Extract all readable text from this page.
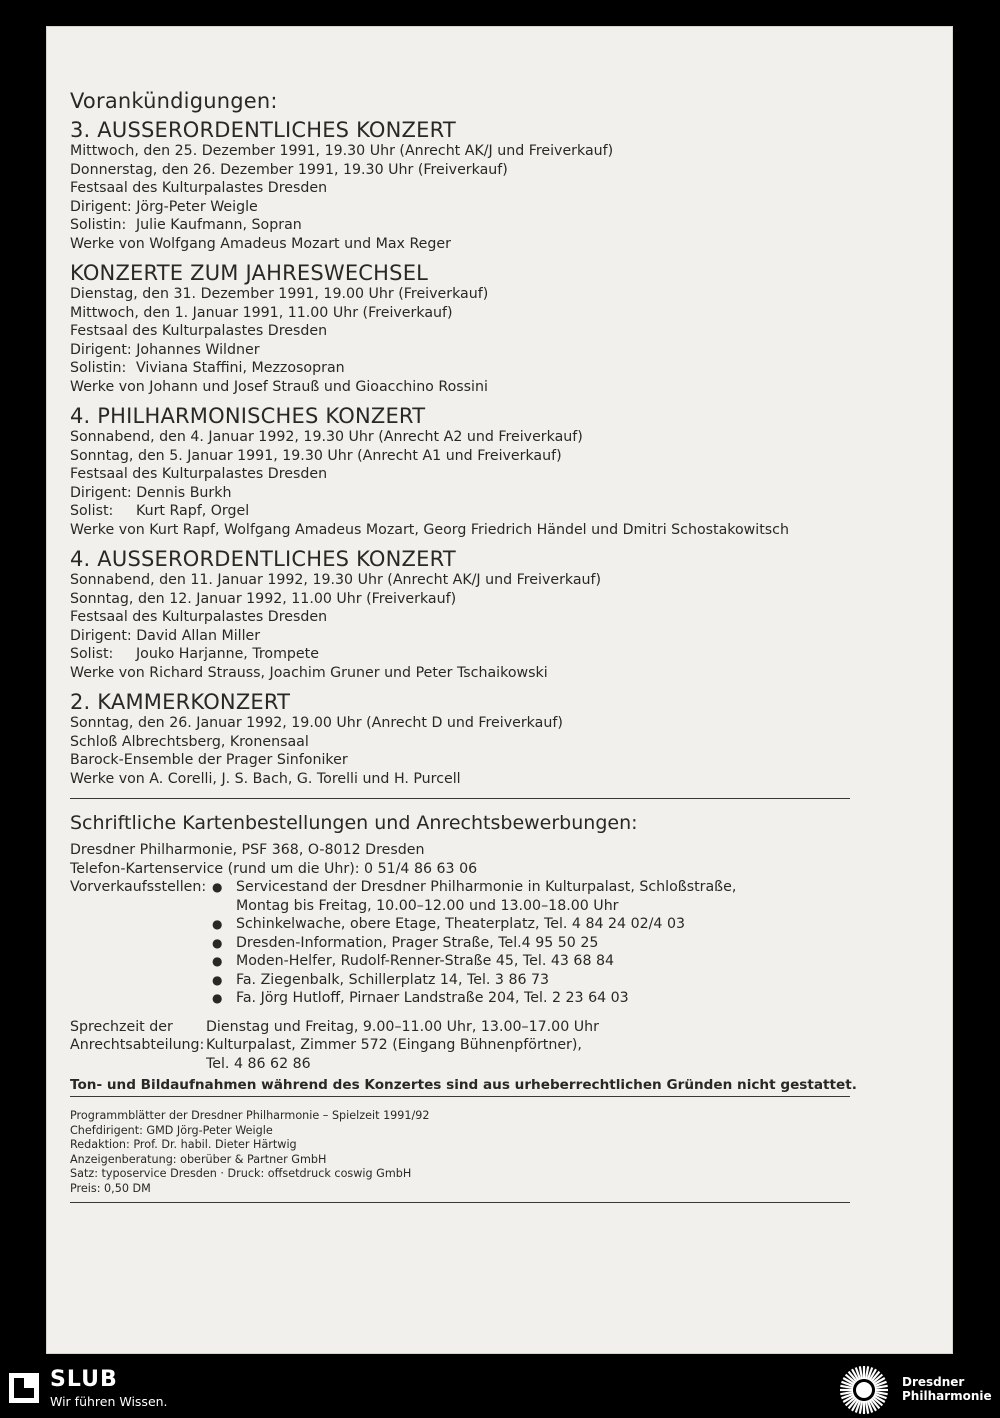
Vorankündigungen:
3. AUSSERORDENTLICHES KONZERT
Mittwoch, den 25. Dezember 1991, 19.30 Uhr (Anrecht AK/J und Freiverkauf)
Donnerstag, den 26. Dezember 1991, 19.30 Uhr (Freiverkauf)
Festsaal des Kulturpalastes Dresden
Dirigent: Jörg-Peter Weigle
Solistin: Julie Kaufmann, Sopran
Werke von Wolfgang Amadeus Mozart und Max Reger
KONZERTE ZUM JAHRESWECHSEL
Dienstag, den 31. Dezember 1991, 19.00 Uhr (Freiverkauf)
Mittwoch, den 1. Januar 1991, 11.00 Uhr (Freiverkauf)
Festsaal des Kulturpalastes Dresden
Dirigent: Johannes Wildner
Solistin: Viviana Staffini, Mezzosopran
Werke von Johann und Josef Strauß und Gioacchino Rossini
4. PHILHARMONISCHES KONZERT
Sonnabend, den 4. Januar 1992, 19.30 Uhr (Anrecht A2 und Freiverkauf)
Sonntag, den 5. Januar 1991, 19.30 Uhr (Anrecht A1 und Freiverkauf)
Festsaal des Kulturpalastes Dresden
Dirigent: Dennis Burkh
Solist:	Kurt Rapf, Orgel
Werke von Kurt Rapf, Wolfgang Amadeus Mozart, Georg Friedrich Händel und Dmitri Schostakowitsch
4. AUSSERORDENTLICHES KONZERT
Sonnabend, den 11. Januar 1992, 19.30 Uhr (Anrecht AK/J und Freiverkauf)
Sonntag, den 12. Januar 1992, 11.00 Uhr (Freiverkauf)
Festsaal des Kulturpalastes Dresden
Dirigent: David Allan Miller
Solist:	Jouko Harjanne, Trompete
Werke von Richard Strauss, Joachim Gruner und Peter Tschaikowski
2. KAMMERKONZERT
Sonntag, den 26. Januar 1992, 19.00 Uhr (Anrecht D und Freiverkauf)
Schloß Albrechtsberg, Kronensaal
Barock-Ensemble der Prager Sinfoniker
Werke von A. Corelli, J. S. Bach, G. Torelli und H. Purcell
Schriftliche Kartenbestellungen und Anrechtsbewerbungen:
Dresdner Philharmonie, PSF 368, O-8012 Dresden
Telefon-Kartenservice (rund um die Uhr): 0 51/4 86 63 06
Vorverkaufsstellen: ● Servicestand der Dresdner Philharmonie in Kulturpalast, Schloßstraße,
Montag bis Freitag, 10.00–12.00 und 13.00–18.00 Uhr
● Schinkelwache, obere Etage, Theaterplatz, Tel. 4 84 24 02/4 03
● Dresden-Information, Prager Straße, Tel.4 95 50 25
● Moden-Helfer, Rudolf-Renner-Straße 45, Tel. 43 68 84
● Fa. Ziegenbalk, Schillerplatz 14, Tel. 3 86 73
● Fa. Jörg Hutloff, Pirnaer Landstraße 204, Tel. 2 23 64 03
Sprechzeit der
Anrechtsabteilung:
Dienstag und Freitag, 9.00–11.00 Uhr, 13.00–17.00 Uhr
Kulturpalast, Zimmer 572 (Eingang Bühnenpförtner),
Tel. 4 86 62 86
Ton- und Bildaufnahmen während des Konzertes sind aus urheberrechtlichen Gründen nicht gestattet.
Programmblätter der Dresdner Philharmonie – Spielzeit 1991/92
Chefdirigent: GMD Jörg-Peter Weigle
Redaktion: Prof. Dr. habil. Dieter Härtwig
Anzeigenberatung: oberüber & Partner GmbH
Satz: typoservice Dresden · Druck: offsetdruck coswig GmbH
Preis: 0,50 DM
SLUB
Wir führen Wissen.
Dresdner
Philharmonie
